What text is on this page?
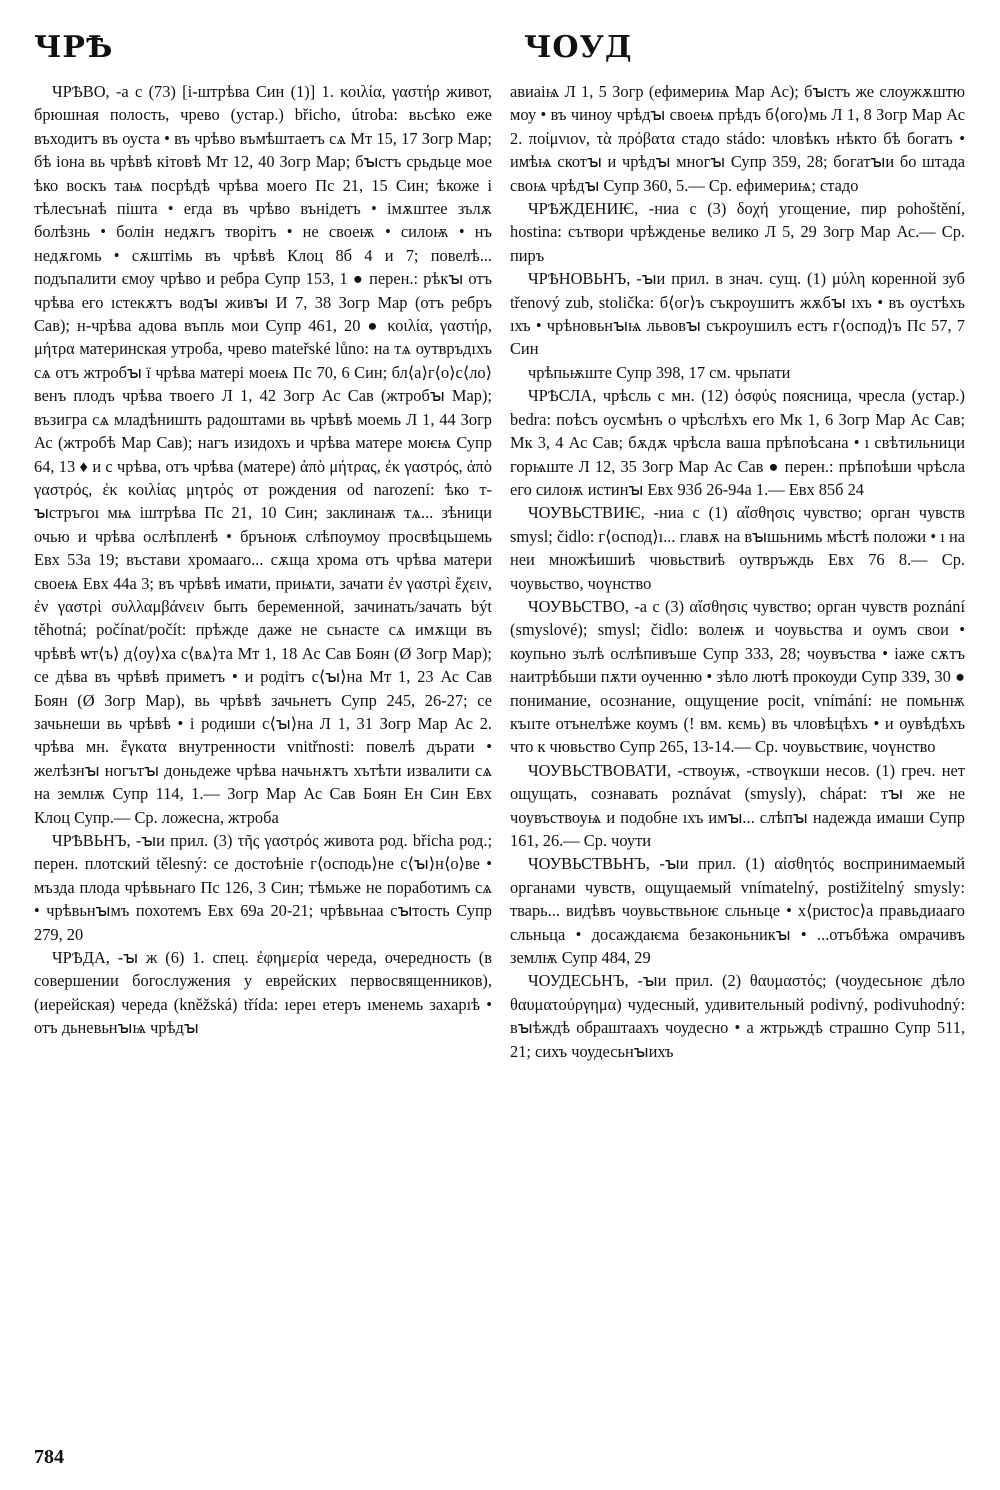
ЧРѢ	ЧОУД

ЧРѢВО, -а с (73) [і-штрѣва Син (1)] 1. κοιλία, γαστήρ живот, брюшная полость, чрево (устар.) břicho, útroba: вьсѣко еже въходитъ въ оуста • въ чрѣво въмѣштаетъ сѧ Мт 15, 17 Зогр Мар; бѣ іона вь чрѣвѣ кітовѣ Мт 12, 40 Зогр Мар; бꙑстъ срьдьце мое ѣко воскъ таѩ посрѣдѣ чрѣва моего Пс 21, 15 Син; ѣкоже і тѣлесънаѣ пішта • егда въ чрѣво вънідетъ • імѫштее зълѫ болѣзнь • болін недѫгъ творітъ • не своеѭ • силоѭ • нъ недѫгомь • сѫштімь въ чрѣвѣ Клоц 8б 4 и 7; повелѣ... подъпалити ємоу чрѣво и ребра Супр 153, 1 ● перен.: рѣкꙑ отъ чрѣва его ıстекѫтъ водꙑ живꙑ И 7, 38 Зогр Мар (отъ ребръ Сав); н-чрѣва адова въпль мои Супр 461, 20 ● κοιλία, γαστήρ, μήτρα материнская утроба, чрево mateřské lůno: на тѧ оутвръдıхъ сѧ отъ жтробꙑ ї чрѣва матері моеѩ Пс 70, 6 Син; бл⟨а⟩г⟨о⟩с⟨ло⟩венъ плодъ чрѣва твоего Л 1, 42 Зогр Ас Сав (жтробꙑ Мар); възигра сѧ младѣништь радоштами вь чрѣвѣ моемь Л 1, 44 Зогр Ас (жтробѣ Мар Сав); нагъ изидохъ и чрѣва матере моѥѩ Супр 64, 13 ♦ и с чрѣва, отъ чрѣва (матере) ἀπὸ μήτρας, ἐκ γαστρός, ἀπὸ γαστρός, ἐκ κοιλίας μητρός от рождения od narození: ѣко т-ꙑстръгоı мѩ іштрѣва Пс 21, 10 Син; заклинаѭ тѧ... зѣници очью и чрѣва ослѣпленѣ • бръноѭ слѣпоумоу просвѣцьшемь Евх 53а 19; въстави хромааго... сѫща хрома отъ чрѣва матери своеѩ Евх 44а 3; въ чрѣвѣ имати, приѩти, зачати ἐν γαστρὶ ἔχειν, ἐν γαστρὶ συλλαμβάνειν быть беременной, зачинать/зачать být těhotná; počínat/počít: прѣжде даже не сьнасте сѧ имѫщи въ чрѣвѣ ѡт⟨ъ⟩ д⟨оу⟩ха с⟨вѧ⟩та Мт 1, 18 Ас Сав Боян (Ø Зогр Мар); се дѣва въ чрѣвѣ приметъ • и родітъ с⟨ꙑ⟩на Мт 1, 23 Ас Сав Боян (Ø Зогр Мар), вь чрѣвѣ зачьнетъ Супр 245, 26-27; се зачьнеши вь чрѣвѣ • і родиши с⟨ꙑ⟩на Л 1, 31 Зогр Мар Ас 2. чрѣва мн. ἔγκατα внутренности vnitřnosti: повелѣ дърати • желѣзнꙑ ногътꙑ доньдеже чрѣва начьнѫтъ хътѣти извалити сѧ на землѭ Супр 114, 1.— Зогр Мар Ас Сав Боян Ен Син Евх Клоц Супр.— Ср. ложесна, жтроба

ЧРѢВЬНЪ, -ꙑи прил. (3) τῆς γαστρός живота род. břicha род.; перен. плотский tělesný: се достоѣніе г⟨осподь⟩не с⟨ꙑ⟩н⟨о⟩ве • мъзда плода чрѣвьнаго Пс 126, 3 Син; тѣмьже не поработимъ сѧ • чрѣвьнꙑмъ похотемъ Евх 69а 20-21; чрѣвьнаа сꙑтость Супр 279, 20

ЧРѢДА, -ꙑ ж (6) 1. спец. ἐφημερία череда, очередность (в совершении богослужения у еврейских первосвященников), (иерейская) череда (kněžská) třída: ıереı етеръ ıменемь захарıѣ • отъ дьневьнꙑѩ чрѣдꙑ

авиаіѩ Л 1, 5 Зогр (ефимериѩ Мар Ас); бꙑстъ же слоужѫштю моу • въ чиноу чрѣдꙑ своеѩ прѣдъ б⟨ого⟩мь Л 1, 8 Зогр Мар Ас 2. ποίμνιον, τὰ πρόβατα стадо stádo: чловѣкъ нѣкто бѣ богатъ • имѣѩ скотꙑ и чрѣдꙑ многꙑ Супр 359, 28; богатꙑи бо штада своѩ чрѣдꙑ Супр 360, 5.— Ср. ефимериѩ; стадо

ЧРѢЖДЕНИѤ, -ниа с (3) δοχή угощение, пир pohoštění, hostina: сътвори чрѣжденье велико Л 5, 29 Зогр Мар Ас.— Ср. пиръ

ЧРѢНОВЬНЪ, -ꙑи прил. в знач. сущ. (1) μύλη коренной зуб třenový zub, stolička: б⟨ог⟩ъ съкроушитъ жѫбꙑ ıхъ • въ оустѣхъ ıхъ • чрѣновьнꙑѩ львовꙑ съкроушилъ естъ г⟨оспод⟩ъ Пс 57, 7 Син

чрѣпьѭште Супр 398, 17 см. чрьпати

ЧРѢСЛА, чрѣсль с мн. (12) ὀσφύς поясница, чресла (устар.) bedra: поѣсъ оусмѣнъ о чрѣслѣхъ его Мк 1, 6 Зогр Мар Ас Сав; Мк 3, 4 Ас Сав; бѫдѫ чрѣсла ваша прѣпоѣсана • ı свѣтильници горѩште Л 12, 35 Зогр Мар Ас Сав ● перен.: прѣпоѣши чрѣсла его силоѭ истинꙑ Евх 93б 26-94а 1.— Евх 85б 24

ЧОУВЬСТВИѤ, -ниа с (1) αἴσθησις чувство; орган чувств smysl; čidlo: г⟨оспод⟩ı... главѫ на вꙑшьнимь мѣстѣ положи • ı на неи множѣишиѣ чювьствиѣ оутвръждь Евх 76 8.— Ср. чоувьство, чоүнство

ЧОУВЬСТВО, -а с (3) αἴσθησις чувство; орган чувств poznání (smyslové); smysl; čidlo: волеѭ и чоувьства и оумъ свои • коупьно зълѣ ослѣпивъше Супр 333, 28; чоувъства • іаже сѫтъ наитрѣбьши пѫти оученню • зѣло лютѣ прокоуди Супр 339, 30 ● понимание, осознание, ощущение pocit, vnímání: не помьнѭ къııте отънелѣже коумъ (! вм. кємь) въ чловѣцѣхъ • и оувѣдѣхъ что к чювьство Супр 265, 13-14.— Ср. чоувьствиѥ, чоүнство

ЧОУВЬСТВОВАТИ, -ствоуѭ, -ствоүкши несов. (1) греч. нет ощущать, сознавать poznávat (smysly), chápat: тꙑ же не чоувъствоуѩ и подобне ıхъ имꙑ... слѣпꙑ надежда имаши Супр 161, 26.— Ср. чоути

ЧОУВЬСТВЬНЪ, -ꙑи прил. (1) αἰσθητός воспринимаемый органами чувств, ощущаемый vnímatelný, postižitelný smysly: тварь... видѣвъ чоувьствьноѥ сльньце • х⟨ристос⟩а правьдиааго сльньца • досаждаѥма безаконьникꙑ • ...отъбѣжа омрачивъ землѭ Супр 484, 29

ЧОУДЕСЬНЪ, -ꙑи прил. (2) θαυμαστός; (чоудесьноѥ дѣло θαυματούργημα) чудесный, удивительный podivný, podivuhodný: вꙑѣждѣ обраштаахъ чоудесно • а жтрьждѣ страшно Супр 511, 21; сихъ чоудесьнꙑихъ

784
